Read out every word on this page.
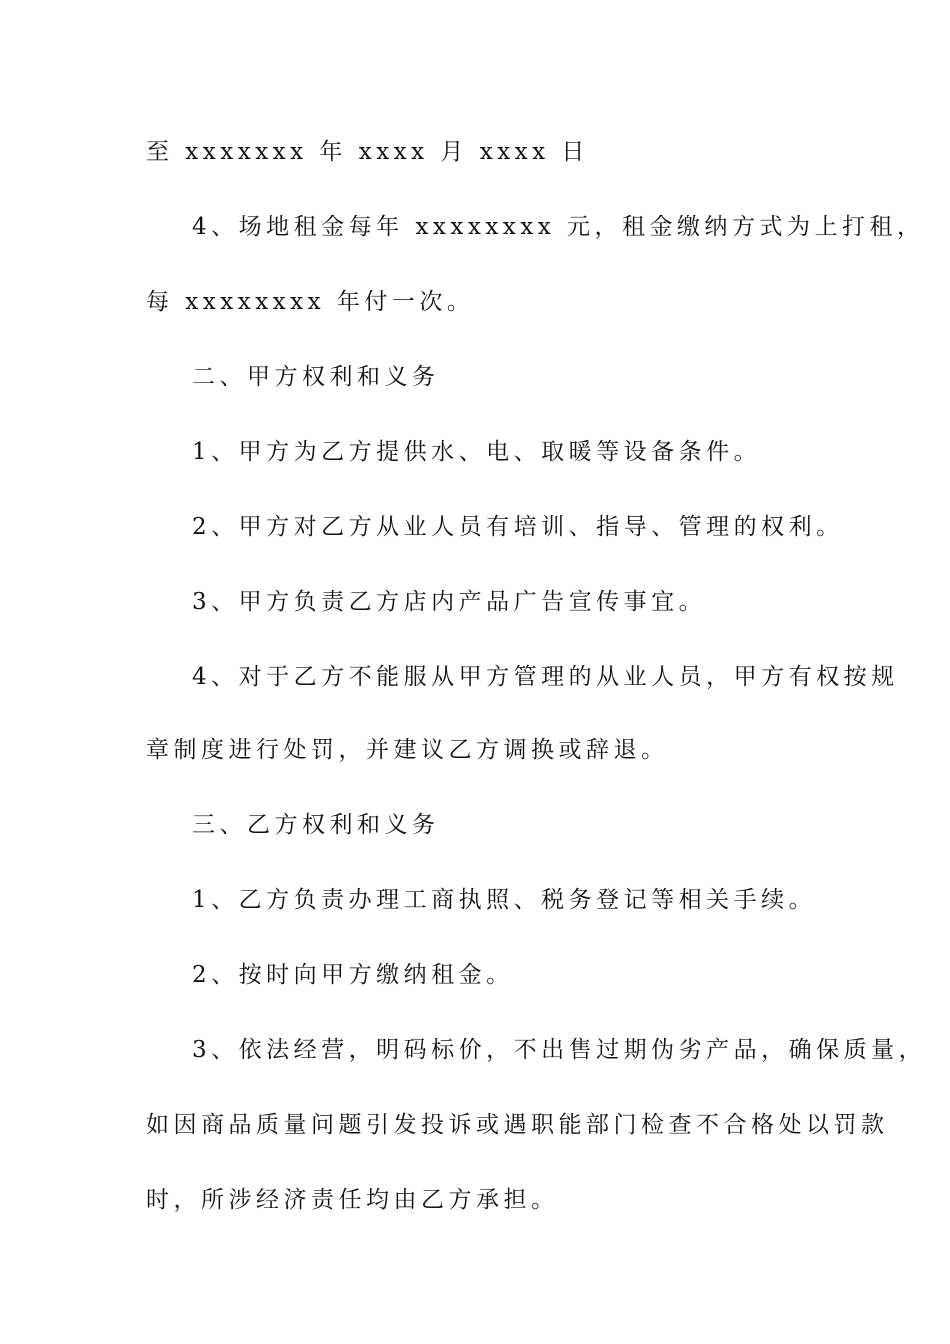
至 xxxxxxx 年 xxxx 月 xxxx 日
4、场地租金每年 xxxxxxxx 元，租金缴纳方式为上打租，
每 xxxxxxxx 年付一次。
二、甲方权利和义务
1、甲方为乙方提供水、电、取暖等设备条件。
2、甲方对乙方从业人员有培训、指导、管理的权利。
3、甲方负责乙方店内产品广告宣传事宜。
4、对于乙方不能服从甲方管理的从业人员，甲方有权按规
章制度进行处罚，并建议乙方调换或辞退。
三、乙方权利和义务
1、乙方负责办理工商执照、税务登记等相关手续。
2、按时向甲方缴纳租金。
3、依法经营，明码标价，不出售过期伪劣产品，确保质量，
如因商品质量问题引发投诉或遇职能部门检查不合格处以罚款
时，所涉经济责任均由乙方承担。
